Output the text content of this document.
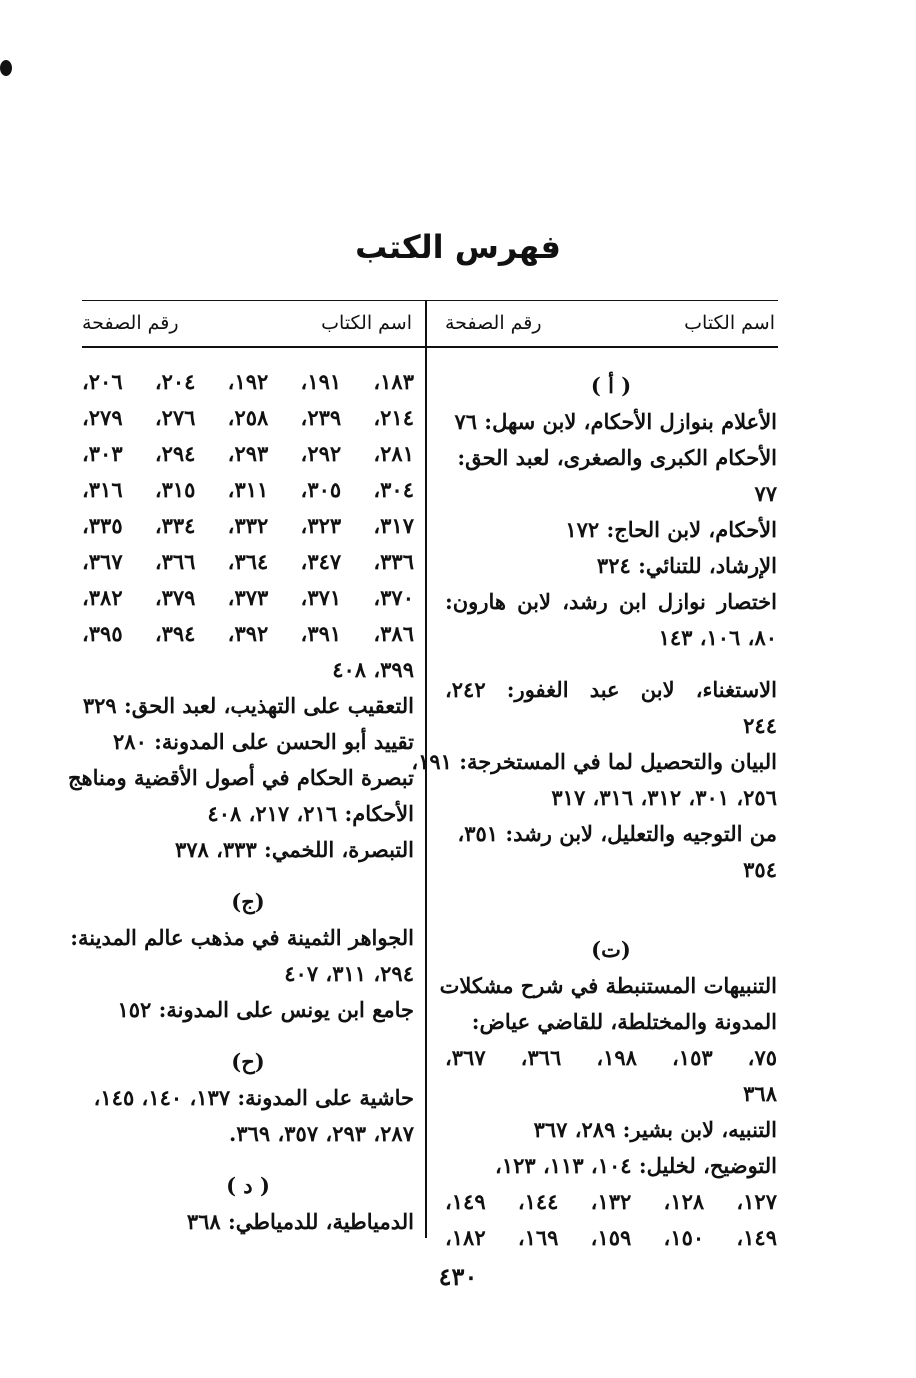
فهرس الكتب
اسم الكتاب
رقم الصفحة
اسم الكتاب
رقم الصفحة
( أ )
الأعلام بنوازل الأحكام، لابن سهل: ٧٦
الأحكام الكبرى والصغرى، لعبد الحق:
٧٧
الأحكام، لابن الحاج: ١٧٢
الإرشاد، للتنائي: ٣٢٤
اختصار نوازل ابن رشد، لابن هارون:
٨٠، ١٠٦، ١٤٣
الاستغناء، لابن عبد الغفور: ٢٤٢،
٢٤٤
البيان والتحصيل لما في المستخرجة: ١٩١،
٢٥٦، ٣٠١، ٣١٢، ٣١٦، ٣١٧
من التوجيه والتعليل، لابن رشد: ٣٥١،
٣٥٤
(ت)
التنبيهات المستنبطة في شرح مشكلات
المدونة والمختلطة، للقاضي عياض:
٧٥، ١٥٣، ١٩٨، ٣٦٦، ٣٦٧،
٣٦٨
التنبيه، لابن بشير: ٢٨٩، ٣٦٧
التوضيح، لخليل: ١٠٤، ١١٣، ١٢٣،
١٢٧، ١٢٨، ١٣٢، ١٤٤، ١٤٩،
١٤٩، ١٥٠، ١٥٩، ١٦٩، ١٨٢،
١٨٣، ١٩١، ١٩٢، ٢٠٤، ٢٠٦،
٢١٤، ٢٣٩، ٢٥٨، ٢٧٦، ٢٧٩،
٢٨١، ٢٩٢، ٢٩٣، ٢٩٤، ٣٠٣،
٣٠٤، ٣٠٥، ٣١١، ٣١٥، ٣١٦،
٣١٧، ٣٢٣، ٣٣٢، ٣٣٤، ٣٣٥،
٣٣٦، ٣٤٧، ٣٦٤، ٣٦٦، ٣٦٧،
٣٧٠، ٣٧١، ٣٧٣، ٣٧٩، ٣٨٢،
٣٨٦، ٣٩١، ٣٩٢، ٣٩٤، ٣٩٥،
٣٩٩، ٤٠٨
التعقيب على التهذيب، لعبد الحق: ٣٢٩
تقييد أبو الحسن على المدونة: ٢٨٠
تبصرة الحكام في أصول الأقضية ومناهج
الأحكام: ٢١٦، ٢١٧، ٤٠٨
التبصرة، اللخمي: ٣٣٣، ٣٧٨
(ج)
الجواهر الثمينة في مذهب عالم المدينة:
٢٩٤، ٣١١، ٤٠٧
جامع ابن يونس على المدونة: ١٥٢
(ح)
حاشية على المدونة: ١٣٧، ١٤٠، ١٤٥،
٢٨٧، ٢٩٣، ٣٥٧، ٣٦٩.
( د )
الدمياطية، للدمياطي: ٣٦٨
٤٣٠
